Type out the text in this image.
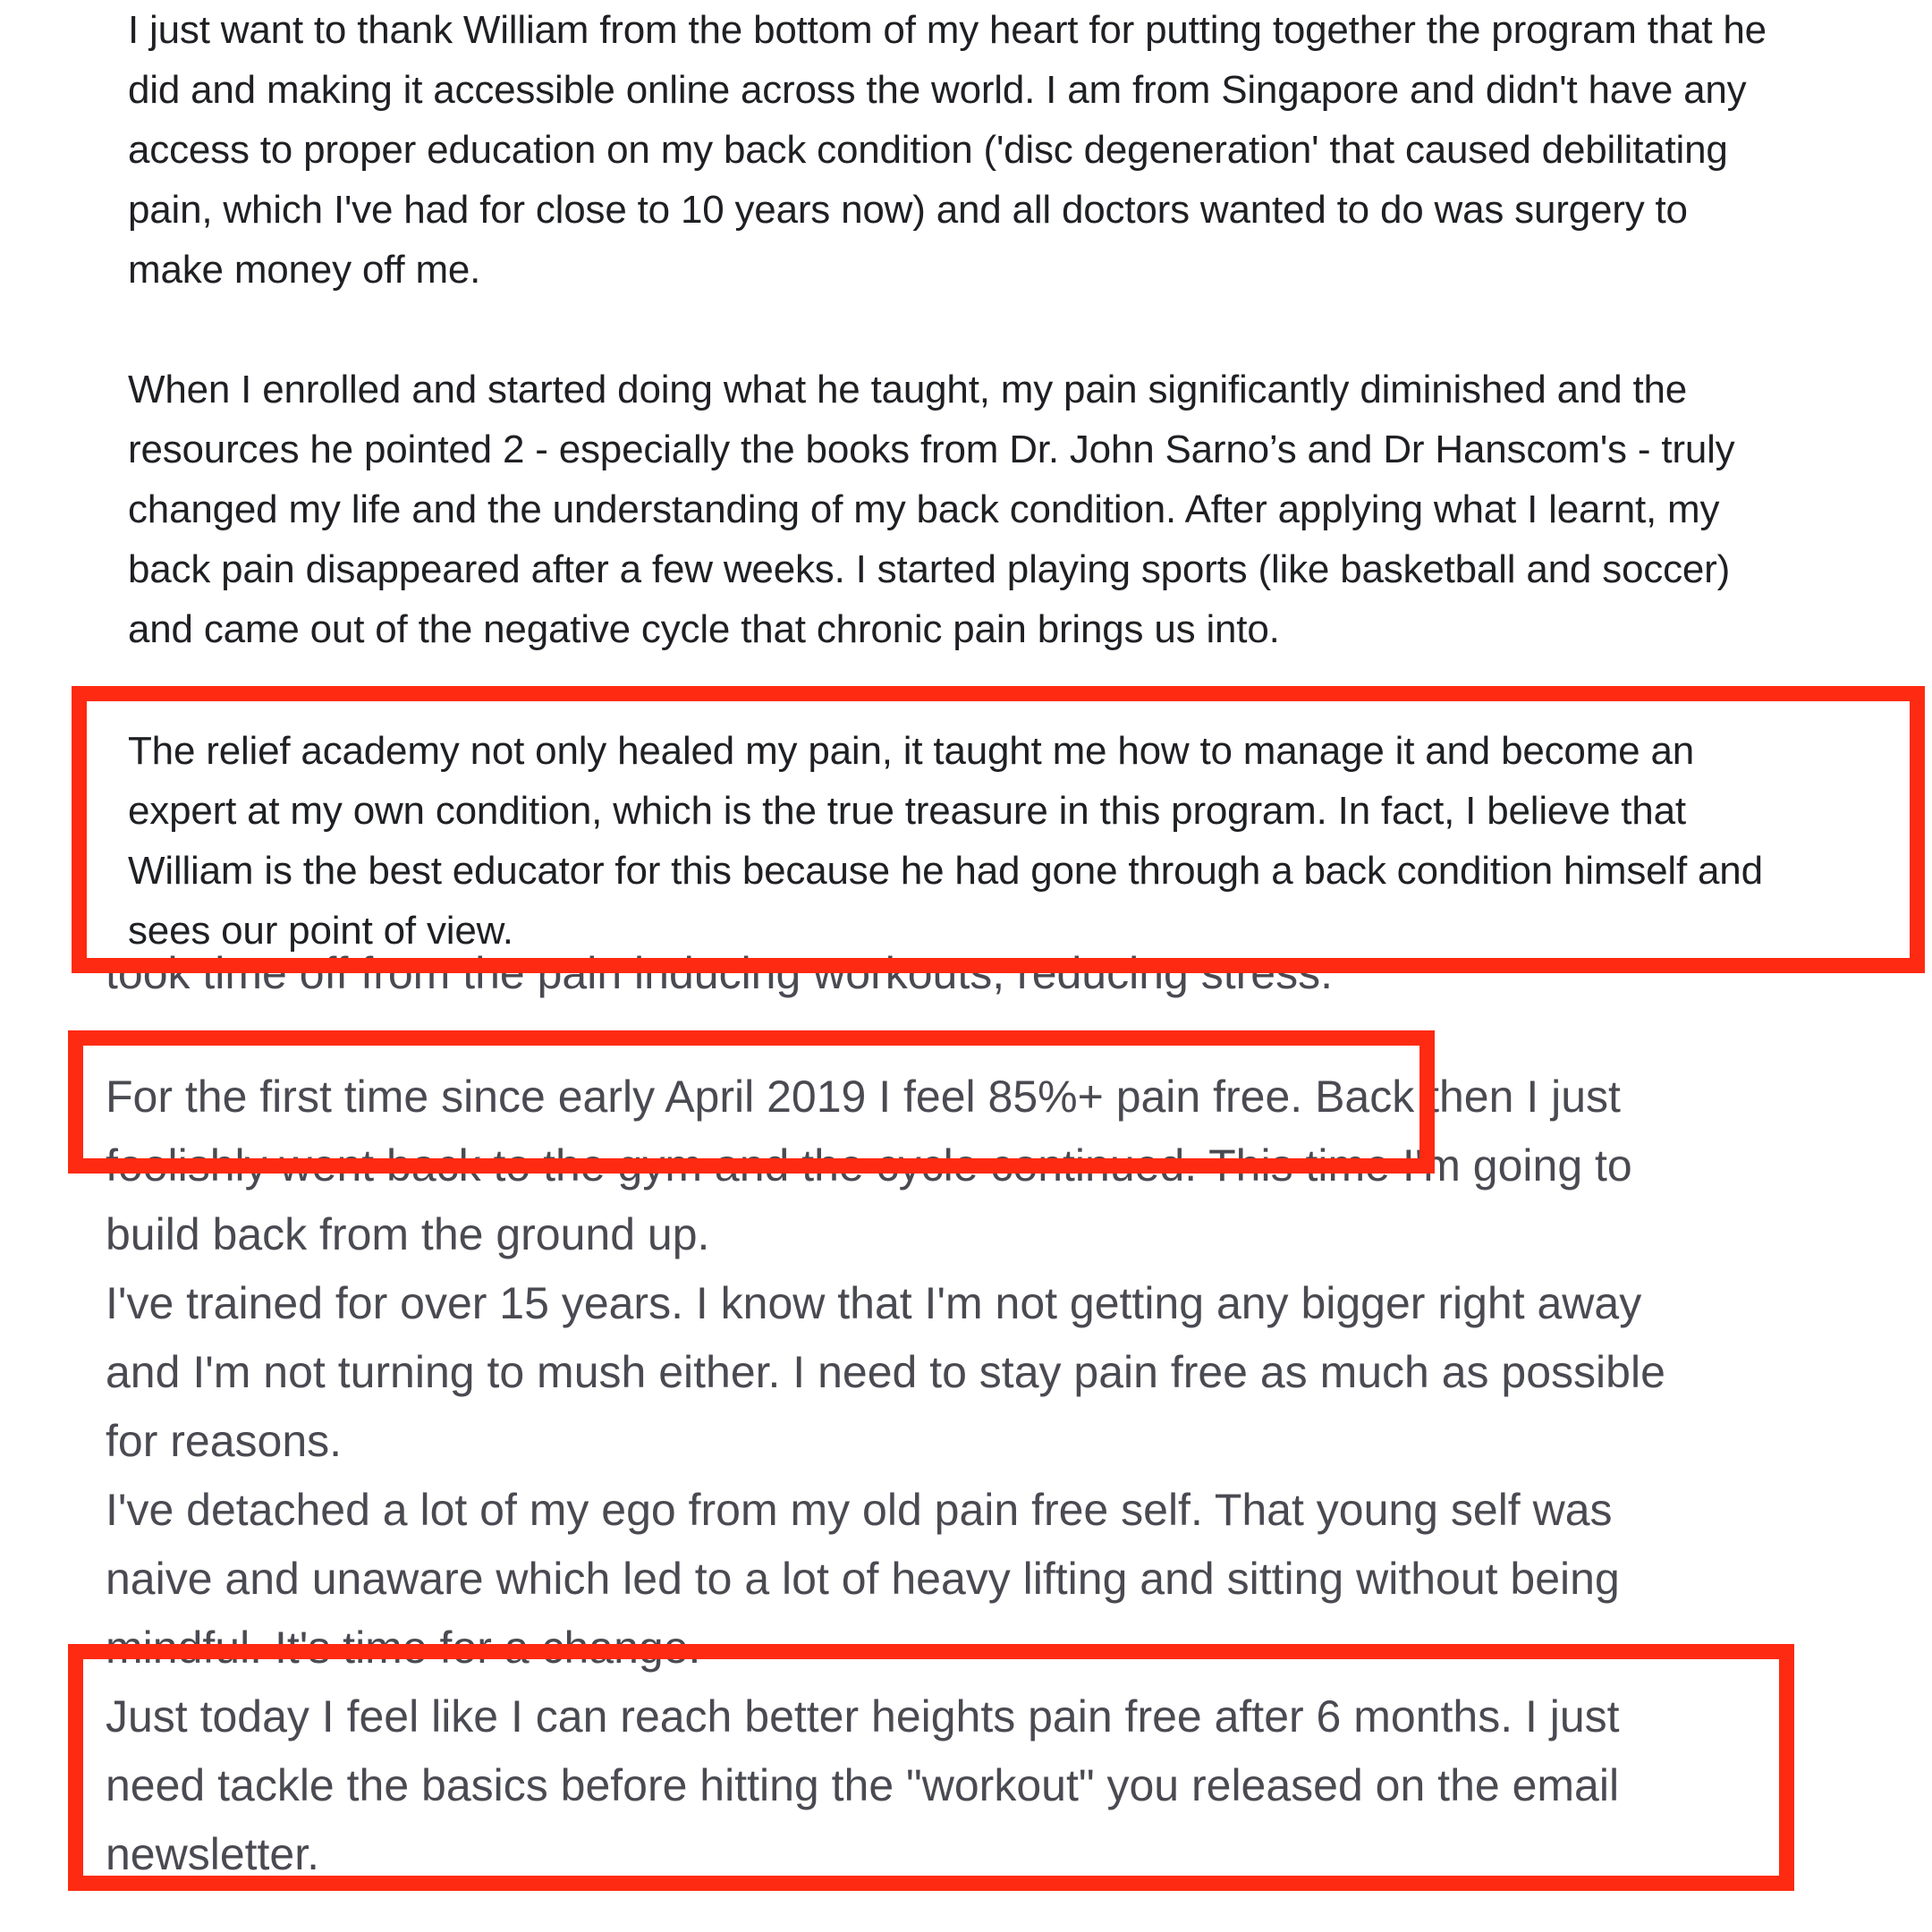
I just want to thank William from the bottom of my heart for putting together the program that he

did and making it accessible online across the world. I am from Singapore and didn't have any

access to proper education on my back condition ('disc degeneration' that caused debilitating

pain, which I've had for close to 10 years now) and all doctors wanted to do was surgery to

make money off me.

When I enrolled and started doing what he taught, my pain significantly diminished and the

resources he pointed 2 - especially the books from Dr. John Sarno’s and Dr Hanscom's - truly

changed my life and the understanding of my back condition. After applying what I learnt, my

back pain disappeared after a few weeks. I started playing sports (like basketball and soccer)

and came out of the negative cycle that chronic pain brings us into.

The relief academy not only healed my pain, it taught me how to manage it and become an

expert at my own condition, which is the true treasure in this program. In fact, I believe that

William is the best educator for this because he had gone through a back condition himself and

sees our point of view.

took time off from the pain inducing workouts, reducing stress.
For the first time since early April 2019 I feel 85%+ pain free. Back then I just
foolishly went back to the gym and the cycle continued. This time I'm going to
build back from the ground up.
I've trained for over 15 years. I know that I'm not getting any bigger right away
and I'm not turning to mush either. I need to stay pain free as much as possible
for reasons.
I've detached a lot of my ego from my old pain free self. That young self was
naive and unaware which led to a lot of heavy lifting and sitting without being
mindful. It's time for a change.
Just today I feel like I can reach better heights pain free after 6 months. I just
need tackle the basics before hitting the "workout" you released on the email
newsletter.
